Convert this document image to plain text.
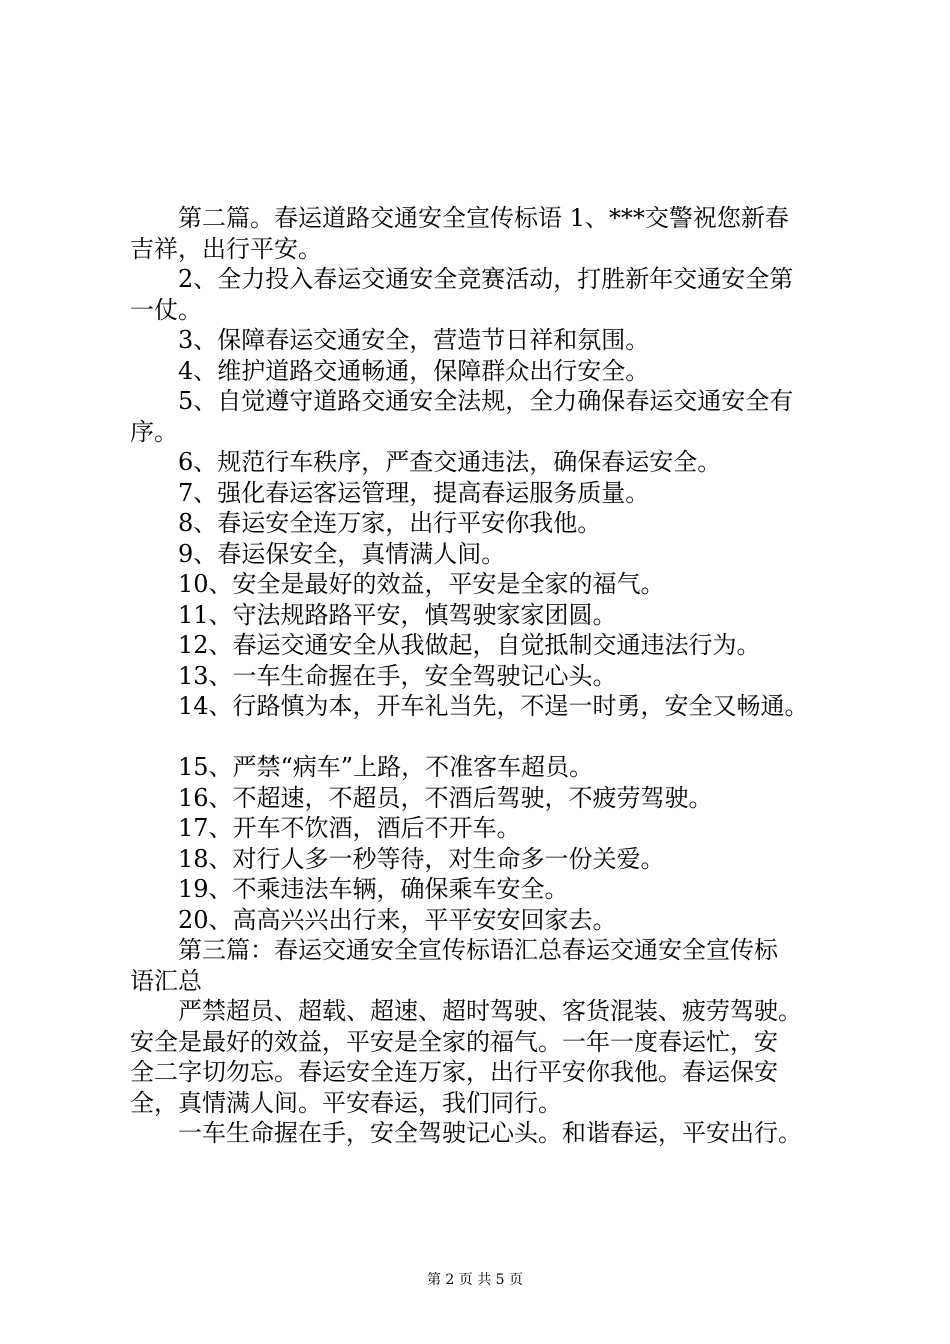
第二篇。春运道路交通安全宣传标语 1、***交警祝您新春

吉祥，出行平安。

2、全力投入春运交通安全竞赛活动，打胜新年交通安全第

一仗。

3、保障春运交通安全，营造节日祥和氛围。

4、维护道路交通畅通，保障群众出行安全。

5、自觉遵守道路交通安全法规，全力确保春运交通安全有

序。

6、规范行车秩序，严查交通违法，确保春运安全。

7、强化春运客运管理，提高春运服务质量。

8、春运安全连万家，出行平安你我他。

9、春运保安全，真情满人间。

10、安全是最好的效益，平安是全家的福气。

11、守法规路路平安，慎驾驶家家团圆。

12、春运交通安全从我做起，自觉抵制交通违法行为。

13、一车生命握在手，安全驾驶记心头。

14、行路慎为本，开车礼当先，不逞一时勇，安全又畅通。

15、严禁“病车”上路，不准客车超员。

16、不超速，不超员，不酒后驾驶，不疲劳驾驶。

17、开车不饮酒，酒后不开车。

18、对行人多一秒等待，对生命多一份关爱。

19、不乘违法车辆，确保乘车安全。

20、高高兴兴出行来，平平安安回家去。

第三篇：春运交通安全宣传标语汇总春运交通安全宣传标

语汇总

严禁超员、超载、超速、超时驾驶、客货混装、疲劳驾驶。

安全是最好的效益，平安是全家的福气。一年一度春运忙，安

全二字切勿忘。春运安全连万家，出行平安你我他。春运保安

全，真情满人间。平安春运，我们同行。

一车生命握在手，安全驾驶记心头。和谐春运，平安出行。

第 2 页 共 5 页
